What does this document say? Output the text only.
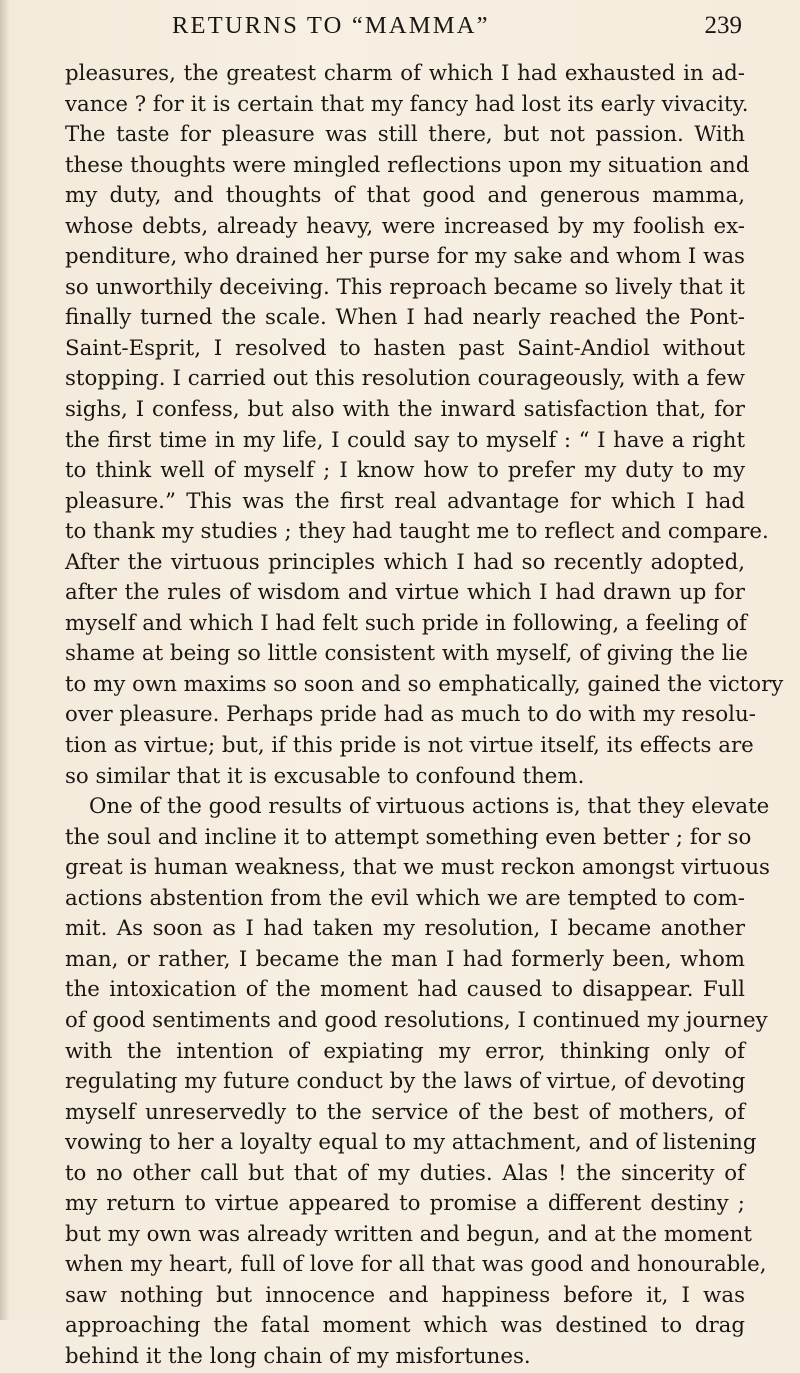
RETURNS TO “MAMMA”	239
pleasures, the greatest charm of which I had exhausted in ad-
vance ? for it is certain that my fancy had lost its early vivacity.
The taste for pleasure was still there, but not passion. With
these thoughts were mingled reflections upon my situation and
my duty, and thoughts of that good and generous mamma,
whose debts, already heavy, were increased by my foolish ex-
penditure, who drained her purse for my sake and whom I was
so unworthily deceiving. This reproach became so lively that it
finally turned the scale. When I had nearly reached the Pont-
Saint-Esprit, I resolved to hasten past Saint-Andiol without
stopping. I carried out this resolution courageously, with a few
sighs, I confess, but also with the inward satisfaction that, for
the first time in my life, I could say to myself : “ I have a right
to think well of myself ; I know how to prefer my duty to my
pleasure.” This was the first real advantage for which I had
to thank my studies ; they had taught me to reflect and compare.
After the virtuous principles which I had so recently adopted,
after the rules of wisdom and virtue which I had drawn up for
myself and which I had felt such pride in following, a feeling of
shame at being so little consistent with myself, of giving the lie
to my own maxims so soon and so emphatically, gained the victory
over pleasure. Perhaps pride had as much to do with my resolu-
tion as virtue; but, if this pride is not virtue itself, its effects are
so similar that it is excusable to confound them.
One of the good results of virtuous actions is, that they elevate
the soul and incline it to attempt something even better ; for so
great is human weakness, that we must reckon amongst virtuous
actions abstention from the evil which we are tempted to com-
mit. As soon as I had taken my resolution, I became another
man, or rather, I became the man I had formerly been, whom
the intoxication of the moment had caused to disappear. Full
of good sentiments and good resolutions, I continued my journey
with the intention of expiating my error, thinking only of
regulating my future conduct by the laws of virtue, of devoting
myself unreservedly to the service of the best of mothers, of
vowing to her a loyalty equal to my attachment, and of listening
to no other call but that of my duties. Alas ! the sincerity of
my return to virtue appeared to promise a different destiny ;
but my own was already written and begun, and at the moment
when my heart, full of love for all that was good and honourable,
saw nothing but innocence and happiness before it, I was
approaching the fatal moment which was destined to drag
behind it the long chain of my misfortunes.
